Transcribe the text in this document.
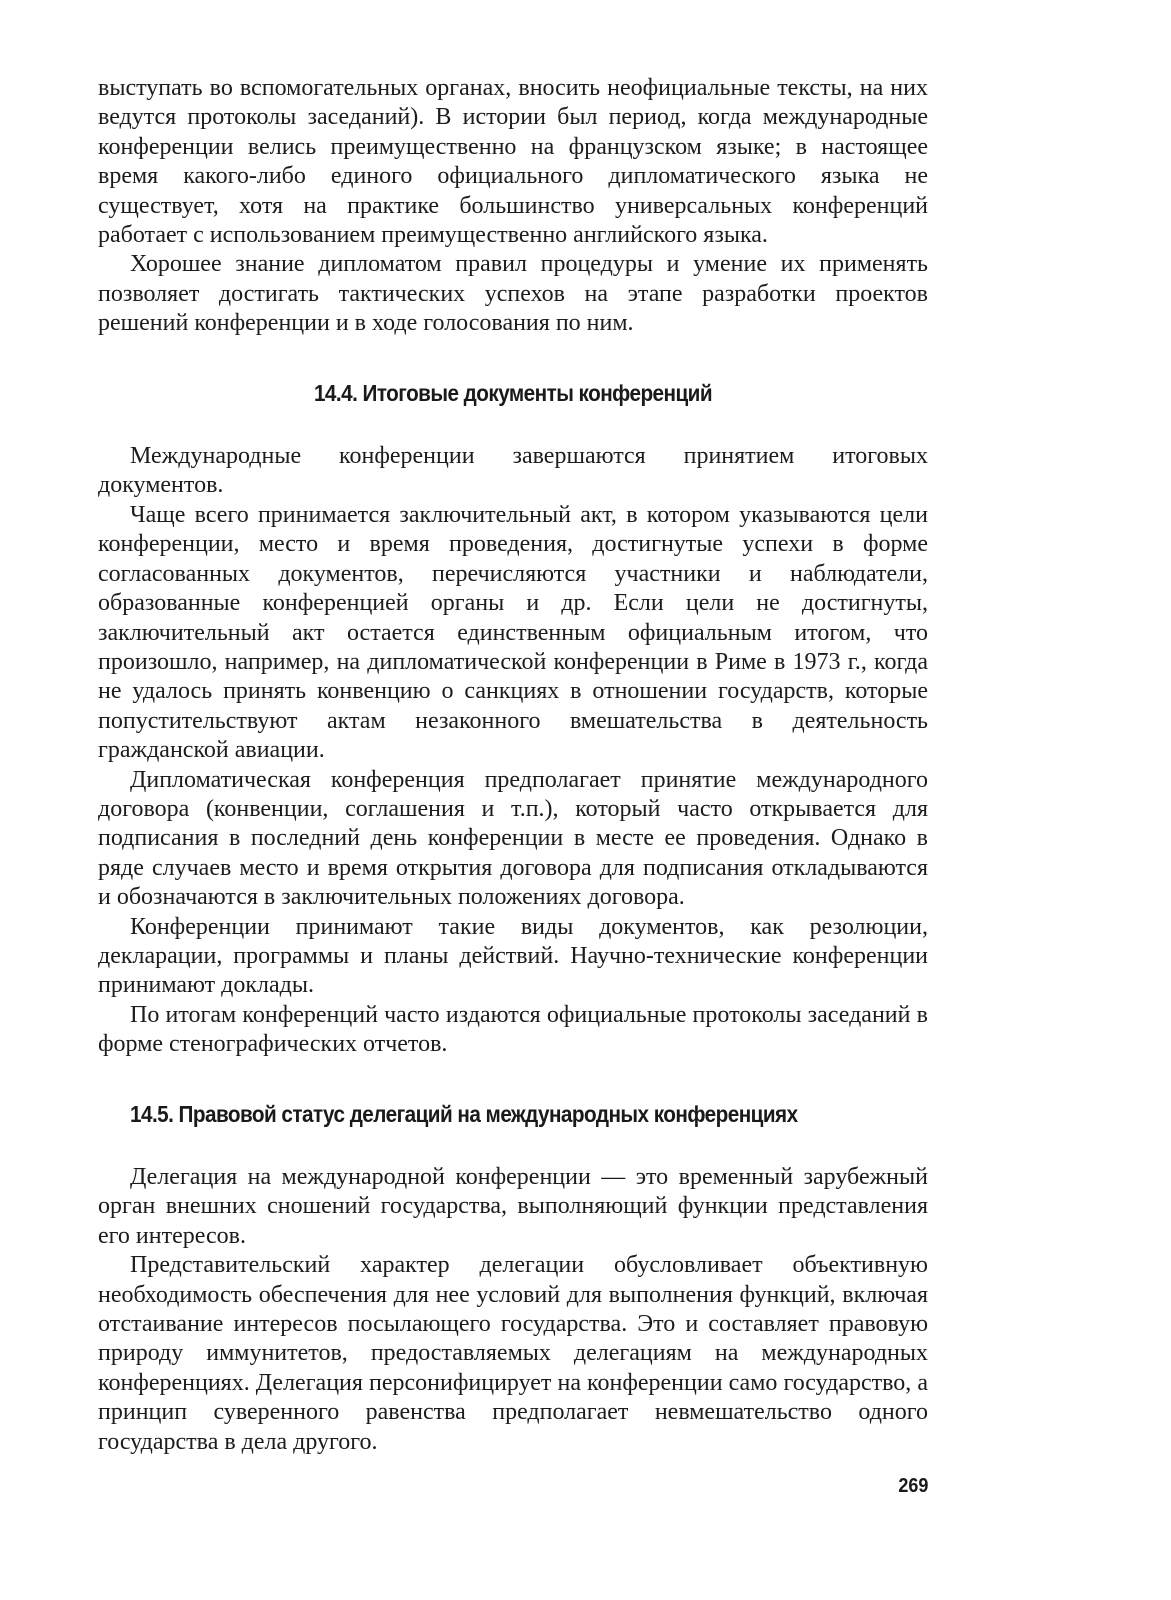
выступать во вспомогательных органах, вносить неофициальные тексты, на них ведутся протоколы заседаний). В истории был период, когда международные конференции велись преимущественно на французском языке; в настоящее время какого-либо единого официального дипломатического языка не существует, хотя на практике большинство универсальных конференций работает с использованием преимущественно английского языка.

Хорошее знание дипломатом правил процедуры и умение их применять позволяет достигать тактических успехов на этапе разработки проектов решений конференции и в ходе голосования по ним.

14.4. Итоговые документы конференций

Международные конференции завершаются принятием итоговых документов.

Чаще всего принимается заключительный акт, в котором указываются цели конференции, место и время проведения, достигнутые успехи в форме согласованных документов, перечисляются участники и наблюдатели, образованные конференцией органы и др. Если цели не достигнуты, заключительный акт остается единственным официальным итогом, что произошло, например, на дипломатической конференции в Риме в 1973 г., когда не удалось принять конвенцию о санкциях в отношении государств, которые попустительствуют актам незаконного вмешательства в деятельность гражданской авиации.

Дипломатическая конференция предполагает принятие международного договора (конвенции, соглашения и т.п.), который часто открывается для подписания в последний день конференции в месте ее проведения. Однако в ряде случаев место и время открытия договора для подписания откладываются и обозначаются в заключительных положениях договора.

Конференции принимают такие виды документов, как резолюции, декларации, программы и планы действий. Научно-технические конференции принимают доклады.

По итогам конференций часто издаются официальные протоколы заседаний в форме стенографических отчетов.

14.5. Правовой статус делегаций на международных конференциях

Делегация на международной конференции — это временный зарубежный орган внешних сношений государства, выполняющий функции представления его интересов.

Представительский характер делегации обусловливает объективную необходимость обеспечения для нее условий для выполнения функций, включая отстаивание интересов посылающего государства. Это и составляет правовую природу иммунитетов, предоставляемых делегациям на международных конференциях. Делегация персонифицирует на конференции само государство, а принцип суверенного равенства предполагает невмешательство одного государства в дела другого.

269
